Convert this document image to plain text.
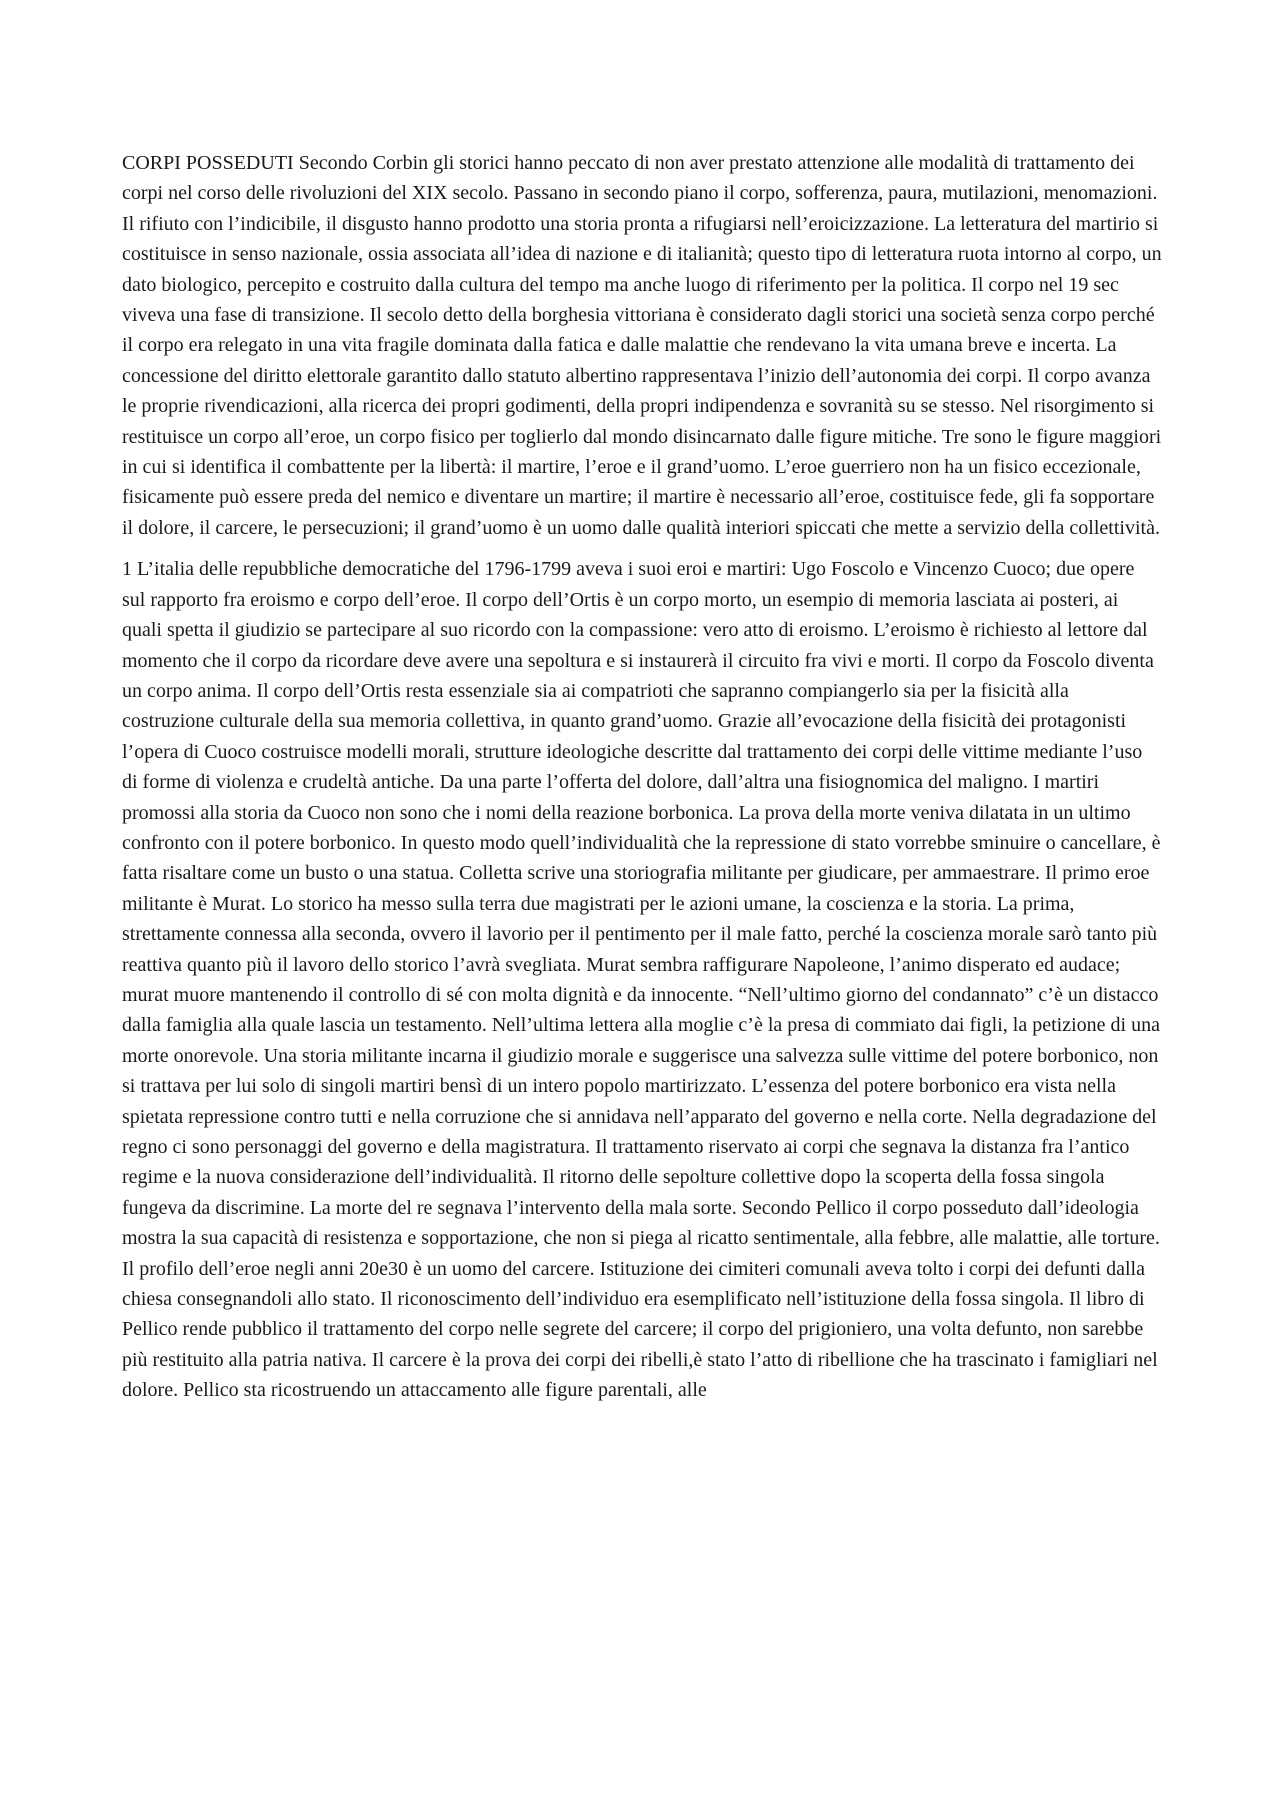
CORPI POSSEDUTI Secondo Corbin gli storici hanno peccato di non aver prestato attenzione alle modalità di trattamento dei corpi nel corso delle rivoluzioni del XIX secolo. Passano in secondo piano il corpo, sofferenza, paura, mutilazioni, menomazioni. Il rifiuto con l’indicibile, il disgusto hanno prodotto una storia pronta a rifugiarsi nell’eroicizzazione. La letteratura del martirio si costituisce in senso nazionale, ossia associata all’idea di nazione e di italianità; questo tipo di letteratura ruota intorno al corpo, un dato biologico, percepito e costruito dalla cultura del tempo ma anche luogo di riferimento per la politica. Il corpo nel 19 sec viveva una fase di transizione. Il secolo detto della borghesia vittoriana è considerato dagli storici una società senza corpo perché il corpo era relegato in una vita fragile dominata dalla fatica e dalle malattie che rendevano la vita umana breve e incerta. La concessione del diritto elettorale garantito dallo statuto albertino rappresentava l’inizio dell’autonomia dei corpi. Il corpo avanza le proprie rivendicazioni, alla ricerca dei propri godimenti, della propri indipendenza e sovranità su se stesso. Nel risorgimento si restituisce un corpo all’eroe, un corpo fisico per toglierlo dal mondo disincarnato dalle figure mitiche. Tre sono le figure maggiori in cui si identifica il combattente per la libertà: il martire, l’eroe e il grand’uomo. L’eroe guerriero non ha un fisico eccezionale, fisicamente può essere preda del nemico e diventare un martire; il martire è necessario all’eroe, costituisce fede, gli fa sopportare il dolore, il carcere, le persecuzioni; il grand’uomo è un uomo dalle qualità interiori spiccati che mette a servizio della collettività.

1 L’italia delle repubbliche democratiche del 1796-1799 aveva i suoi eroi e martiri: Ugo Foscolo e Vincenzo Cuoco; due opere sul rapporto fra eroismo e corpo dell’eroe. Il corpo dell’Ortis è un corpo morto, un esempio di memoria lasciata ai posteri, ai quali spetta il giudizio se partecipare al suo ricordo con la compassione: vero atto di eroismo. L’eroismo è richiesto al lettore dal momento che il corpo da ricordare deve avere una sepoltura e si instaurerà il circuito fra vivi e morti. Il corpo da Foscolo diventa un corpo anima. Il corpo dell’Ortis resta essenziale sia ai compatrioti che sapranno compiangerlo sia per la fisicità alla costruzione culturale della sua memoria collettiva, in quanto grand’uomo. Grazie all’evocazione della fisicità dei protagonisti l’opera di Cuoco costruisce modelli morali, strutture ideologiche descritte dal trattamento dei corpi delle vittime mediante l’uso di forme di violenza e crudeltà antiche. Da una parte l’offerta del dolore, dall’altra una fisiognomica del maligno. I martiri promossi alla storia da Cuoco non sono che i nomi della reazione borbonica. La prova della morte veniva dilatata in un ultimo confronto con il potere borbonico. In questo modo quell’individualità che la repressione di stato vorrebbe sminuire o cancellare, è fatta risaltare come un busto o una statua. Colletta scrive una storiografia militante per giudicare, per ammaestrare. Il primo eroe militante è Murat. Lo storico ha messo sulla terra due magistrati per le azioni umane, la coscienza e la storia. La prima, strettamente connessa alla seconda, ovvero il lavorio per il pentimento per il male fatto, perché la coscienza morale sarò tanto più reattiva quanto più il lavoro dello storico l’avrà svegliata. Murat sembra raffigurare Napoleone, l’animo disperato ed audace; murat muore mantenendo il controllo di sé con molta dignità e da innocente. “Nell’ultimo giorno del condannato” c’è un distacco dalla famiglia alla quale lascia un testamento. Nell’ultima lettera alla moglie c’è la presa di commiato dai figli, la petizione di una morte onorevole. Una storia militante incarna il giudizio morale e suggerisce una salvezza sulle vittime del potere borbonico, non si trattava per lui solo di singoli martiri bensì di un intero popolo martirizzato. L’essenza del potere borbonico era vista nella spietata repressione contro tutti e nella corruzione che si annidava nell’apparato del governo e nella corte. Nella degradazione del regno ci sono personaggi del governo e della magistratura. Il trattamento riservato ai corpi che segnava la distanza fra l’antico regime e la nuova considerazione dell’individualità. Il ritorno delle sepolture collettive dopo la scoperta della fossa singola fungeva da discrimine. La morte del re segnava l’intervento della mala sorte. Secondo Pellico il corpo posseduto dall’ideologia mostra la sua capacità di resistenza e sopportazione, che non si piega al ricatto sentimentale, alla febbre, alle malattie, alle torture. Il profilo dell’eroe negli anni 20e30 è un uomo del carcere. Istituzione dei cimiteri comunali aveva tolto i corpi dei defunti dalla chiesa consegnandoli allo stato. Il riconoscimento dell’individuo era esemplificato nell’istituzione della fossa singola. Il libro di Pellico rende pubblico il trattamento del corpo nelle segrete del carcere; il corpo del prigioniero, una volta defunto, non sarebbe più restituito alla patria nativa. Il carcere è la prova dei corpi dei ribelli,è stato l’atto di ribellione che ha trascinato i famigliari nel dolore. Pellico sta ricostruendo un attaccamento alle figure parentali, alle
